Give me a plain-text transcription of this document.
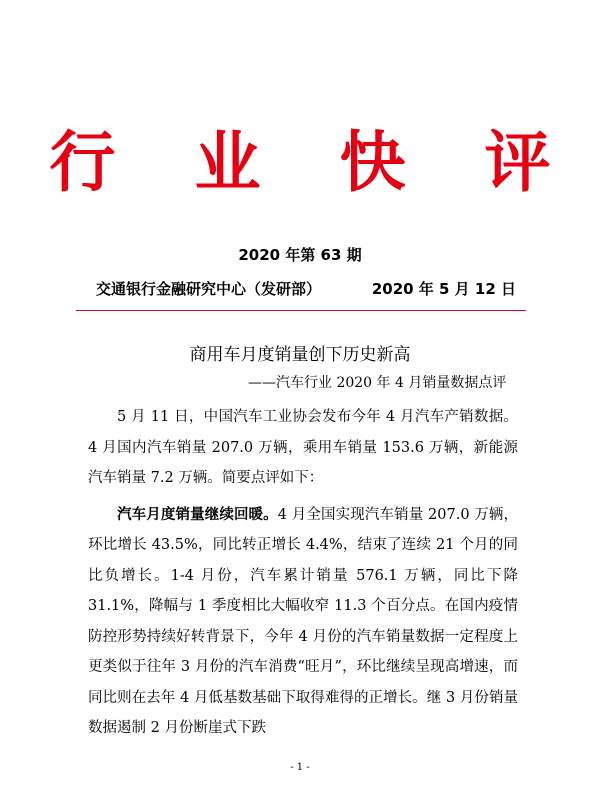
行 业 快 评
2020 年第 63 期
交通银行金融研究中心（发研部）	2020 年 5 月 12 日
商用车月度销量创下历史新高
——汽车行业 2020 年 4 月销量数据点评

5 月 11 日，中国汽车工业协会发布今年 4 月汽车产销数据。4 月国内汽车销量 207.0 万辆，乘用车销量 153.6 万辆，新能源汽车销量 7.2 万辆。简要点评如下：

汽车月度销量继续回暖。4 月全国实现汽车销量 207.0 万辆，环比增长 43.5%，同比转正增长 4.4%，结束了连续 21 个月的同比负增长。1-4 月份，汽车累计销量 576.1 万辆，同比下降 31.1%，降幅与 1 季度相比大幅收窄 11.3 个百分点。在国内疫情防控形势持续好转背景下，今年 4 月份的汽车销量数据一定程度上更类似于往年 3 月份的汽车消费“旺月”，环比继续呈现高增速，而同比则在去年 4 月低基数基础下取得难得的正增长。继 3 月份销量数据遏制 2 月份断崖式下跌

- 1 -
